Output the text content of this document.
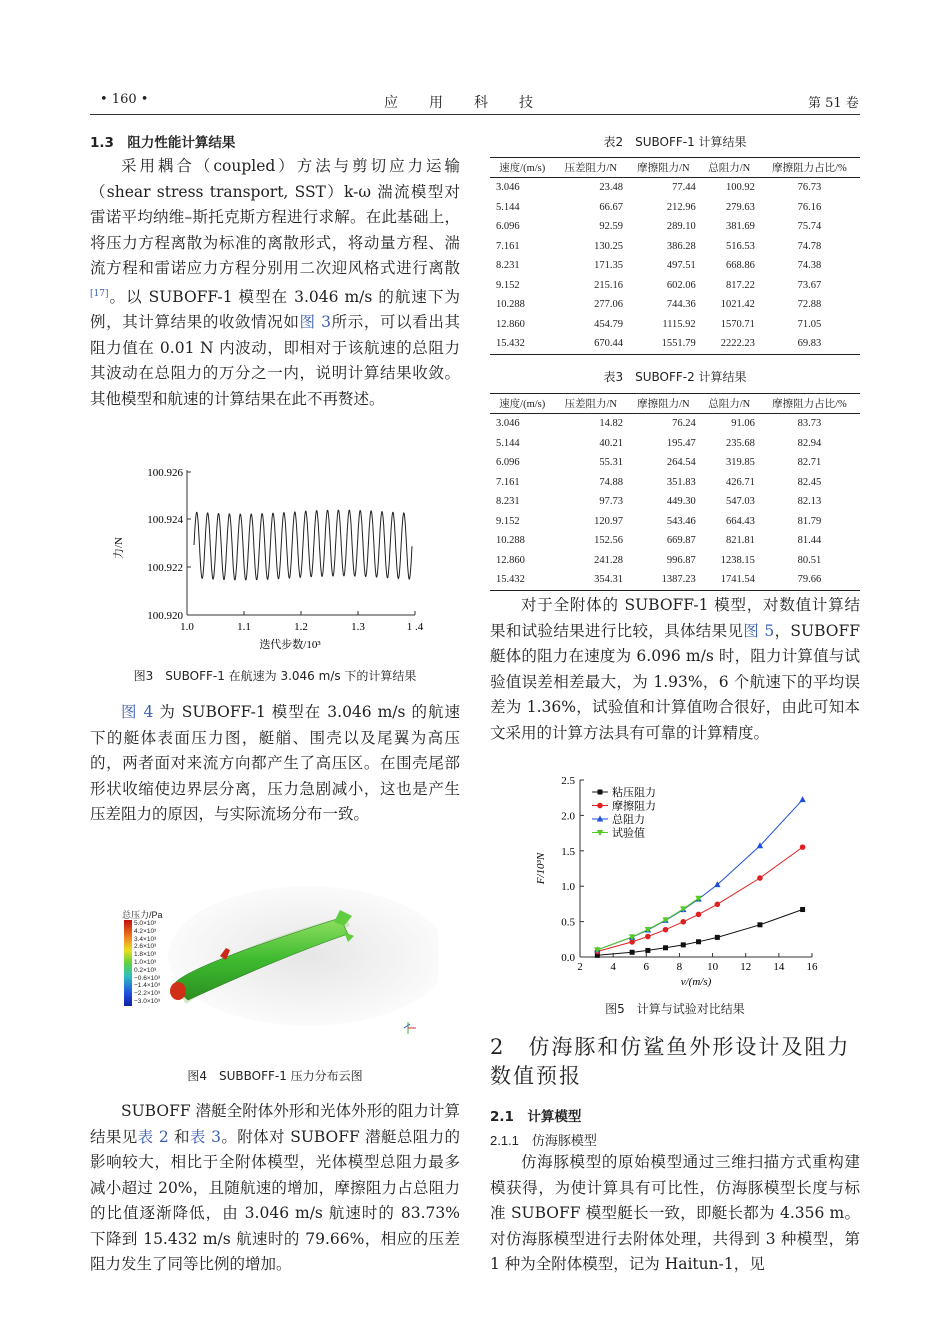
• 160 •	应　　用　　科　　技	第 51 卷
1.3　阻力性能计算结果

采用耦合（coupled）方法与剪切应力运输（shear stress transport, SST）k-ω 湍流模型对雷诺平均纳维–斯托克斯方程进行求解。在此基础上，将压力方程离散为标准的离散形式，将动量方程、湍流方程和雷诺应力方程分别用二次迎风格式进行离散[17]。以 SUBOFF-1 模型在 3.046 m/s 的航速下为例，其计算结果的收敛情况如图 3所示，可以看出其阻力值在 0.01 N 内波动，即相对于该航速的总阻力其波动在总阻力的万分之一内，说明计算结果收敛。其他模型和航速的计算结果在此不再赘述。

100.926
100.924
100.922
100.920
1.0	1.1	1.2	1.3	1 .4
迭代步数/10³
力/N
图3　SUBOFF-1 在航速为 3.046 m/s 下的计算结果

图 4 为 SUBOFF-1 模型在 3.046 m/s 的航速下的艇体表面压力图，艇艏、围壳以及尾翼为高压的，两者面对来流方向都产生了高压区。在围壳尾部形状收缩使边界层分离，压力急剧减小，这也是产生压差阻力的原因，与实际流场分布一致。

总压力/Pa
5.0×10³
4.2×10³
3.4×10³
2.6×10³
1.8×10³
1.0×10³
0.2×10³
−0.6×10³
−1.4×10³
−2.2×10³
−3.0×10³
图4　SUBBOFF-1 压力分布云图

SUBOFF 潜艇全附体外形和光体外形的阻力计算结果见表 2 和表 3。附体对 SUBOFF 潜艇总阻力的影响较大，相比于全附体模型，光体模型总阻力最多减小超过 20%，且随航速的增加，摩擦阻力占总阻力的比值逐渐降低，由 3.046 m/s 航速时的 83.73% 下降到 15.432 m/s 航速时的 79.66%，相应的压差阻力发生了同等比例的增加。

表2　SUBOFF-1 计算结果
速度/(m/s)	压差阻力/N	摩擦阻力/N	总阻力/N	摩擦阻力占比/%
3.046	23.48	77.44	100.92	76.73
5.144	66.67	212.96	279.63	76.16
6.096	92.59	289.10	381.69	75.74
7.161	130.25	386.28	516.53	74.78
8.231	171.35	497.51	668.86	74.38
9.152	215.16	602.06	817.22	73.67
10.288	277.06	744.36	1021.42	72.88
12.860	454.79	1115.92	1570.71	71.05
15.432	670.44	1551.79	2222.23	69.83
表3　SUBOFF-2 计算结果
速度/(m/s)	压差阻力/N	摩擦阻力/N	总阻力/N	摩擦阻力占比/%
3.046	14.82	76.24	91.06	83.73
5.144	40.21	195.47	235.68	82.94
6.096	55.31	264.54	319.85	82.71
7.161	74.88	351.83	426.71	82.45
8.231	97.73	449.30	547.03	82.13
9.152	120.97	543.46	664.43	81.79
10.288	152.56	669.87	821.81	81.44
12.860	241.28	996.87	1238.15	80.51
15.432	354.31	1387.23	1741.54	79.66

对于全附体的 SUBOFF-1 模型，对数值计算结果和试验结果进行比较，具体结果见图 5，SUBOFF 艇体的阻力在速度为 6.096 m/s 时，阻力计算值与试验值误差相差最大，为 1.93%，6 个航速下的平均误差为 1.36%，试验值和计算值吻合很好，由此可知本文采用的计算方法具有可靠的计算精度。

0.0
0.5
1.0
1.5
2.0
2.5
2	4	6	8 10 12 14 16
v/(m/s)
F/10³N
粘压阻力
摩擦阻力
总阻力
试验值
图5　计算与试验对比结果
2　仿海豚和仿鲨鱼外形设计及阻力数值预报
2.1　计算模型
2.1.1　仿海豚模型

仿海豚模型的原始模型通过三维扫描方式重构建模获得，为使计算具有可比性，仿海豚模型长度与标准 SUBOFF 模型艇长一致，即艇长都为 4.356 m。对仿海豚模型进行去附体处理，共得到 3 种模型，第 1 种为全附体模型，记为 Haitun-1，见
